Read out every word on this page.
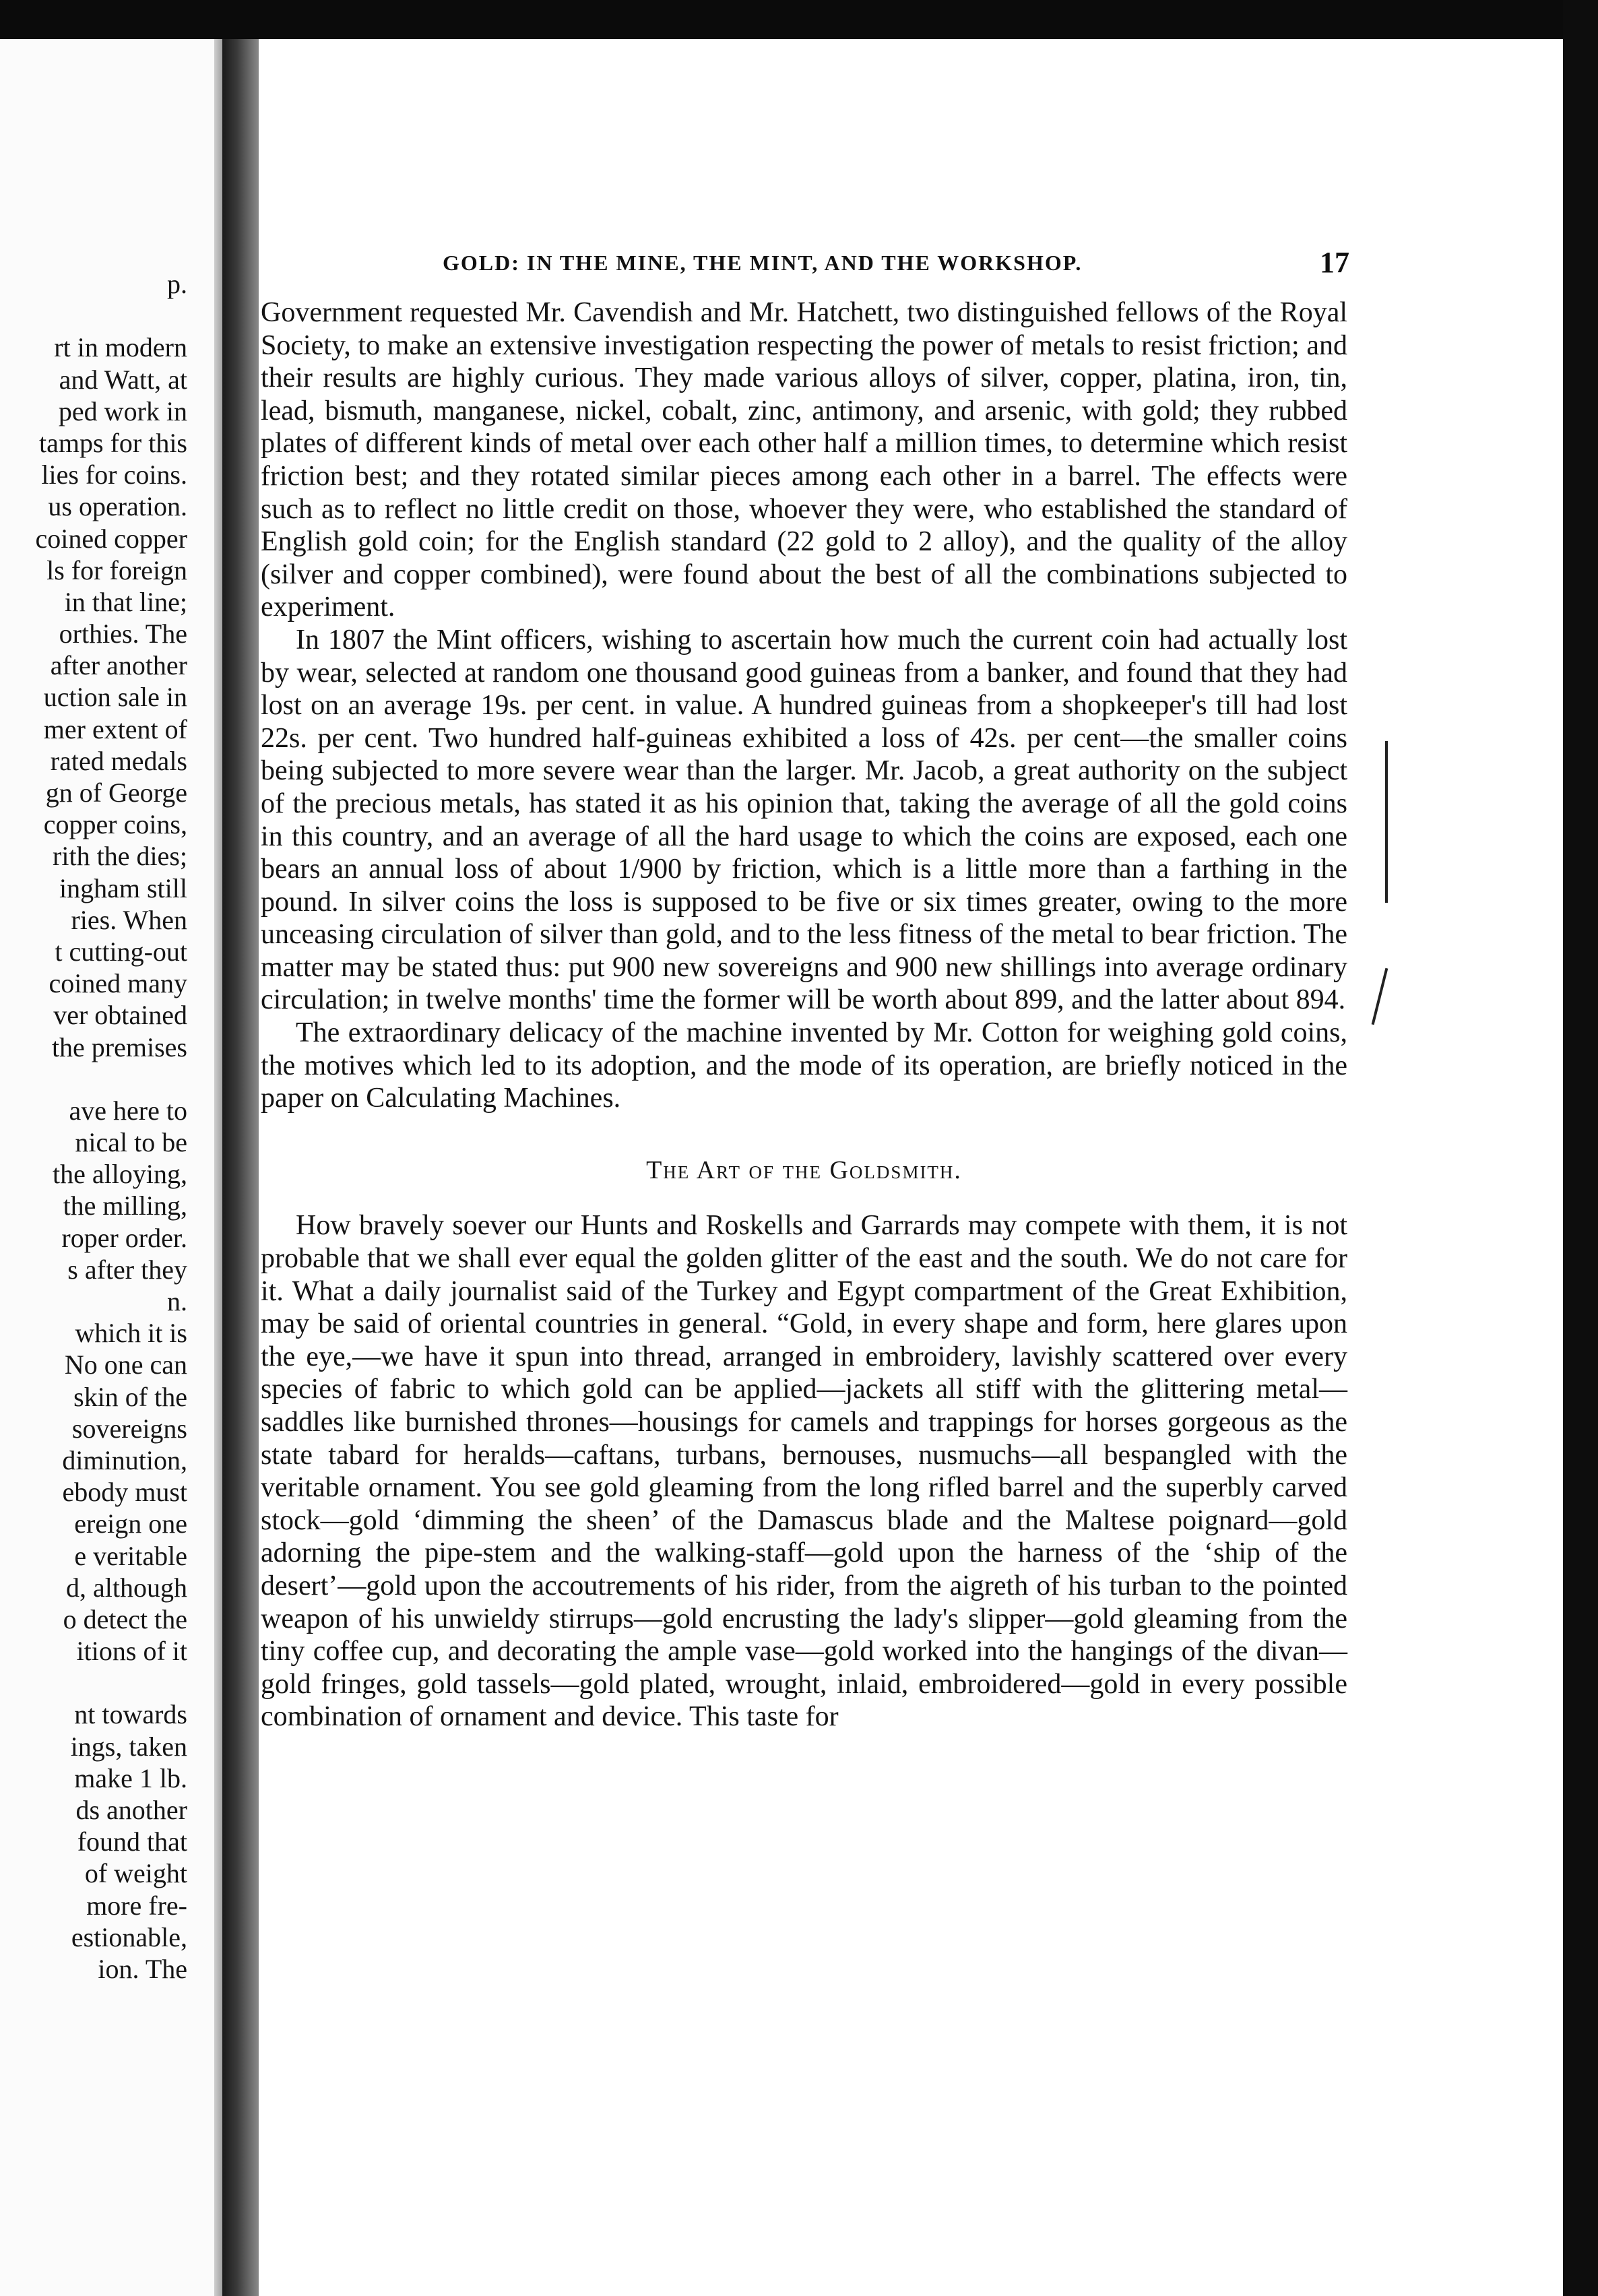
p.
rt in modern
and Watt, at
ped work in
tamps for this
lies for coins.
us operation.
coined copper
ls for foreign
in that line;
orthies. The
after another
uction sale in
mer extent of
rated medals
gn of George
copper coins,
rith the dies;
ingham still
ries. When
t cutting-out
coined many
ver obtained
the premises
ave here to
nical to be
the alloying,
the milling,
roper order.
s after they
n.
which it is
No one can
skin of the
sovereigns
diminution,
ebody must
ereign one
e veritable
d, although
o detect the
itions of it
nt towards
ings, taken
make 1 lb.
ds another
found that
of weight
more fre-
estionable,
ion. The
GOLD: IN THE MINE, THE MINT, AND THE WORKSHOP.	17

Government requested Mr. Cavendish and Mr. Hatchett, two distinguished fellows of the Royal Society, to make an extensive investigation respecting the power of metals to resist friction; and their results are highly curious. They made various alloys of silver, copper, platina, iron, tin, lead, bismuth, manganese, nickel, cobalt, zinc, antimony, and arsenic, with gold; they rubbed plates of different kinds of metal over each other half a million times, to determine which resist friction best; and they rotated similar pieces among each other in a barrel. The effects were such as to reflect no little credit on those, whoever they were, who established the standard of English gold coin; for the English standard (22 gold to 2 alloy), and the quality of the alloy (silver and copper combined), were found about the best of all the combinations subjected to experiment.

In 1807 the Mint officers, wishing to ascertain how much the current coin had actually lost by wear, selected at random one thousand good guineas from a banker, and found that they had lost on an average 19s. per cent. in value. A hundred guineas from a shopkeeper's till had lost 22s. per cent. Two hundred half-guineas exhibited a loss of 42s. per cent—the smaller coins being subjected to more severe wear than the larger. Mr. Jacob, a great authority on the subject of the precious metals, has stated it as his opinion that, taking the average of all the gold coins in this country, and an average of all the hard usage to which the coins are exposed, each one bears an annual loss of about 1/900 by friction, which is a little more than a farthing in the pound. In silver coins the loss is supposed to be five or six times greater, owing to the more unceasing circulation of silver than gold, and to the less fitness of the metal to bear friction. The matter may be stated thus: put 900 new sovereigns and 900 new shillings into average ordinary circulation; in twelve months' time the former will be worth about 899, and the latter about 894.

The extraordinary delicacy of the machine invented by Mr. Cotton for weighing gold coins, the motives which led to its adoption, and the mode of its operation, are briefly noticed in the paper on Calculating Machines.

The Art of the Goldsmith.

How bravely soever our Hunts and Roskells and Garrards may compete with them, it is not probable that we shall ever equal the golden glitter of the east and the south. We do not care for it. What a daily journalist said of the Turkey and Egypt compartment of the Great Exhibition, may be said of oriental countries in general. “Gold, in every shape and form, here glares upon the eye,—we have it spun into thread, arranged in embroidery, lavishly scattered over every species of fabric to which gold can be applied—jackets all stiff with the glittering metal—saddles like burnished thrones—housings for camels and trappings for horses gorgeous as the state tabard for heralds—caftans, turbans, bernouses, nusmuchs—all bespangled with the veritable ornament. You see gold gleaming from the long rifled barrel and the superbly carved stock—gold ‘dimming the sheen’ of the Damascus blade and the Maltese poignard—gold adorning the pipe-stem and the walking-staff—gold upon the harness of the ‘ship of the desert’—gold upon the accoutrements of his rider, from the aigreth of his turban to the pointed weapon of his unwieldy stirrups—gold encrusting the lady's slipper—gold gleaming from the tiny coffee cup, and decorating the ample vase—gold worked into the hangings of the divan—gold fringes, gold tassels—gold plated, wrought, inlaid, embroidered—gold in every possible combination of ornament and device. This taste for
